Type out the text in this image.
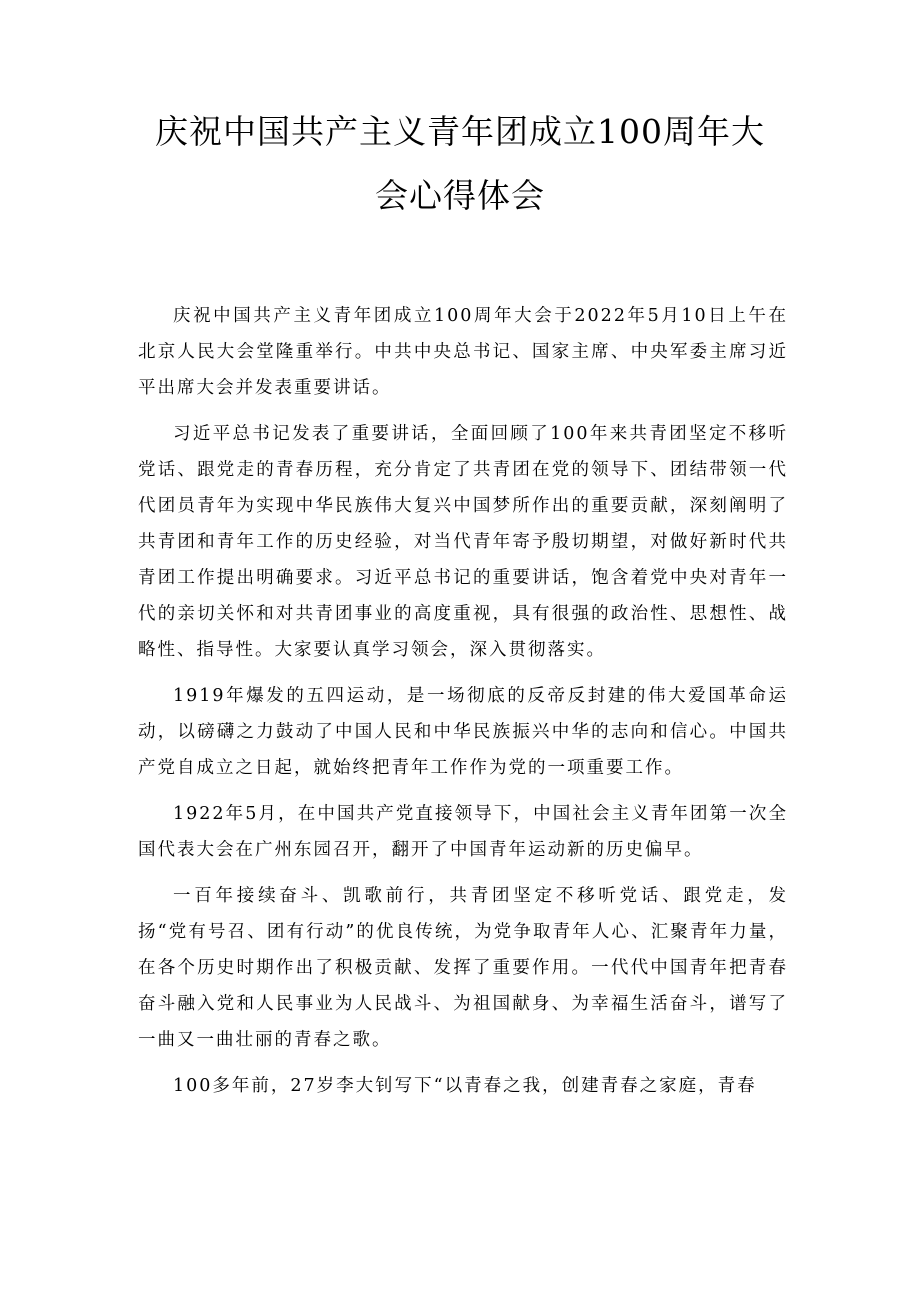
庆祝中国共产主义青年团成立100周年大
会心得体会

庆祝中国共产主义青年团成立100周年大会于2022年5月10日上午在北京人民大会堂隆重举行。中共中央总书记、国家主席、中央军委主席习近平出席大会并发表重要讲话。

习近平总书记发表了重要讲话，全面回顾了100年来共青团坚定不移听党话、跟党走的青春历程，充分肯定了共青团在党的领导下、团结带领一代代团员青年为实现中华民族伟大复兴中国梦所作出的重要贡献，深刻阐明了共青团和青年工作的历史经验，对当代青年寄予殷切期望，对做好新时代共青团工作提出明确要求。习近平总书记的重要讲话，饱含着党中央对青年一代的亲切关怀和对共青团事业的高度重视，具有很强的政治性、思想性、战略性、指导性。大家要认真学习领会，深入贯彻落实。

1919年爆发的五四运动，是一场彻底的反帝反封建的伟大爱国革命运动，以磅礴之力鼓动了中国人民和中华民族振兴中华的志向和信心。中国共产党自成立之日起，就始终把青年工作作为党的一项重要工作。

1922年5月，在中国共产党直接领导下，中国社会主义青年团第一次全国代表大会在广州东园召开，翻开了中国青年运动新的历史偏早。

一百年接续奋斗、凯歌前行，共青团坚定不移听党话、跟党走，发扬“党有号召、团有行动”的优良传统，为党争取青年人心、汇聚青年力量，在各个历史时期作出了积极贡献、发挥了重要作用。一代代中国青年把青春奋斗融入党和人民事业为人民战斗、为祖国献身、为幸福生活奋斗，谱写了一曲又一曲壮丽的青春之歌。

100多年前，27岁李大钊写下“以青春之我，创建青春之家庭，青春
